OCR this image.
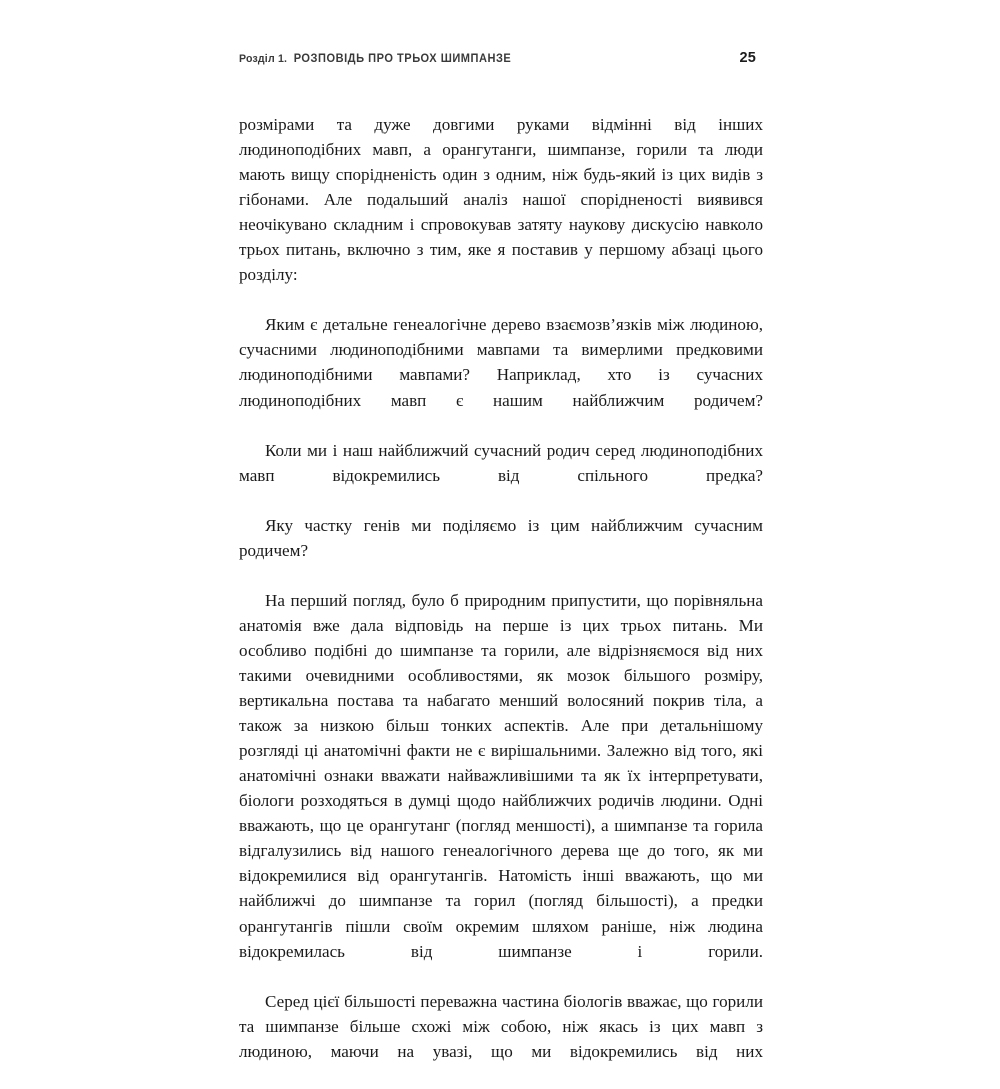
Розділ 1.  РОЗПОВІДЬ ПРО ТРЬОХ ШИМПАНЗЕ	25

розмірами та дуже довгими руками відмінні від інших людиноподібних мавп, а орангутанги, шимпанзе, горили та люди мають вищу спорідненість один з одним, ніж будь-який із цих видів з гібонами. Але подальший аналіз нашої спорідненості виявився неочікувано складним і спровокував затяту наукову дискусію навколо трьох питань, включно з тим, яке я поставив у першому абзаці цього розділу:

Яким є детальне генеалогічне дерево взаємозв’язків між людиною, сучасними людиноподібними мавпами та вимерлими предковими людиноподібними мавпами? Наприклад, хто із сучасних людиноподібних мавп є нашим найближчим родичем?

Коли ми і наш найближчий сучасний родич серед людиноподібних мавп відокремились від спільного предка?

Яку частку генів ми поділяємо із цим найближчим сучасним родичем?

На перший погляд, було б природним припустити, що порівняльна анатомія вже дала відповідь на перше із цих трьох питань. Ми особливо подібні до шимпанзе та горили, але відрізняємося від них такими очевидними особливостями, як мозок більшого розміру, вертикальна постава та набагато менший волосяний покрив тіла, а також за низкою більш тонких аспектів. Але при детальнішому розгляді ці анатомічні факти не є вирішальними. Залежно від того, які анатомічні ознаки вважати найважливішими та як їх інтерпретувати, біологи розходяться в думці щодо найближчих родичів людини. Одні вважають, що це орангутанг (погляд меншості), а шимпанзе та горила відгалузились від нашого генеалогічного дерева ще до того, як ми відокремилися від орангутангів. Натомість інші вважають, що ми найближчі до шимпанзе та горил (погляд більшості), а предки орангутангів пішли своїм окремим шляхом раніше, ніж людина відокремилась від шимпанзе і горили.

Серед цієї більшості переважна частина біологів вважає, що горили та шимпанзе більше схожі між собою, ніж якась із цих мавп з людиною, маючи на увазі, що ми відокремились від них
